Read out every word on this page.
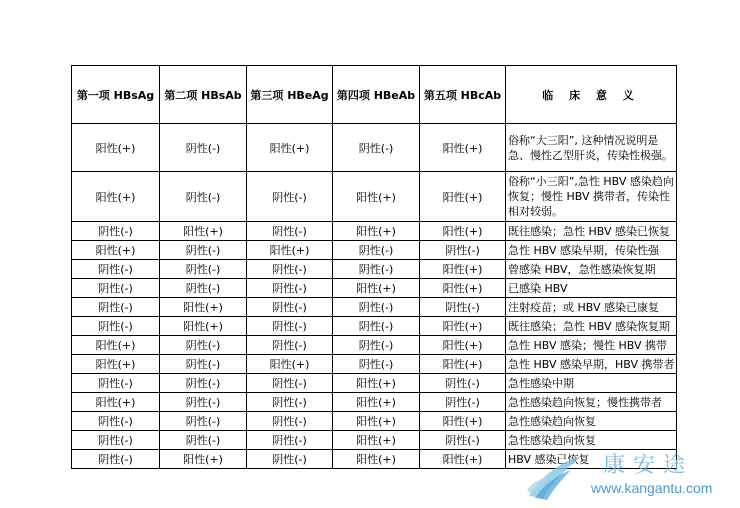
第一项 HBsAg	第二项 HBsAb	第三项 HBeAg	第四项 HBeAb	第五项 HBcAb	临 床 意 义
阳性(+)	阴性(-)	阳性(+)	阴性(-)	阳性(+)	俗称“大三阳”, 这种情况说明是急、慢性乙型肝炎，传染性极强。
阳性(+)	阴性(-)	阴性(-)	阳性(+)	阳性(+)	俗称“小三阳”,急性 HBV 感染趋向恢复；慢性 HBV 携带者，传染性相对较弱。
阴性(-)	阳性(+)	阴性(-)	阳性(+)	阳性(+)	既往感染；急性 HBV 感染已恢复
阳性(+)	阴性(-)	阳性(+)	阴性(-)	阴性(-)	急性 HBV 感染早期，传染性强
阴性(-)	阴性(-)	阴性(-)	阴性(-)	阳性(+)	曾感染 HBV，急性感染恢复期
阴性(-)	阴性(-)	阴性(-)	阳性(+)	阳性(+)	已感染 HBV
阴性(-)	阳性(+)	阴性(-)	阴性(-)	阴性(-)	注射疫苗；或 HBV 感染已康复
阴性(-)	阳性(+)	阴性(-)	阴性(-)	阳性(+)	既往感染；急性 HBV 感染恢复期
阳性(+)	阴性(-)	阴性(-)	阴性(-)	阳性(+)	急性 HBV 感染；慢性 HBV 携带
阳性(+)	阴性(-)	阳性(+)	阴性(-)	阳性(+)	急性 HBV 感染早期，HBV 携带者
阴性(-)	阴性(-)	阴性(-)	阳性(+)	阴性(-)	急性感染中期
阳性(+)	阴性(-)	阴性(-)	阳性(+)	阴性(-)	急性感染趋向恢复；慢性携带者
阴性(-)	阴性(-)	阴性(-)	阳性(+)	阳性(+)	急性感染趋向恢复
阴性(-)	阴性(-)	阴性(-)	阳性(+)	阴性(-)	急性感染趋向恢复
阴性(-)	阳性(+)	阴性(-)	阳性(+)	阳性(+)	HBV 感染已恢复 康安途
www.kangantu.com
